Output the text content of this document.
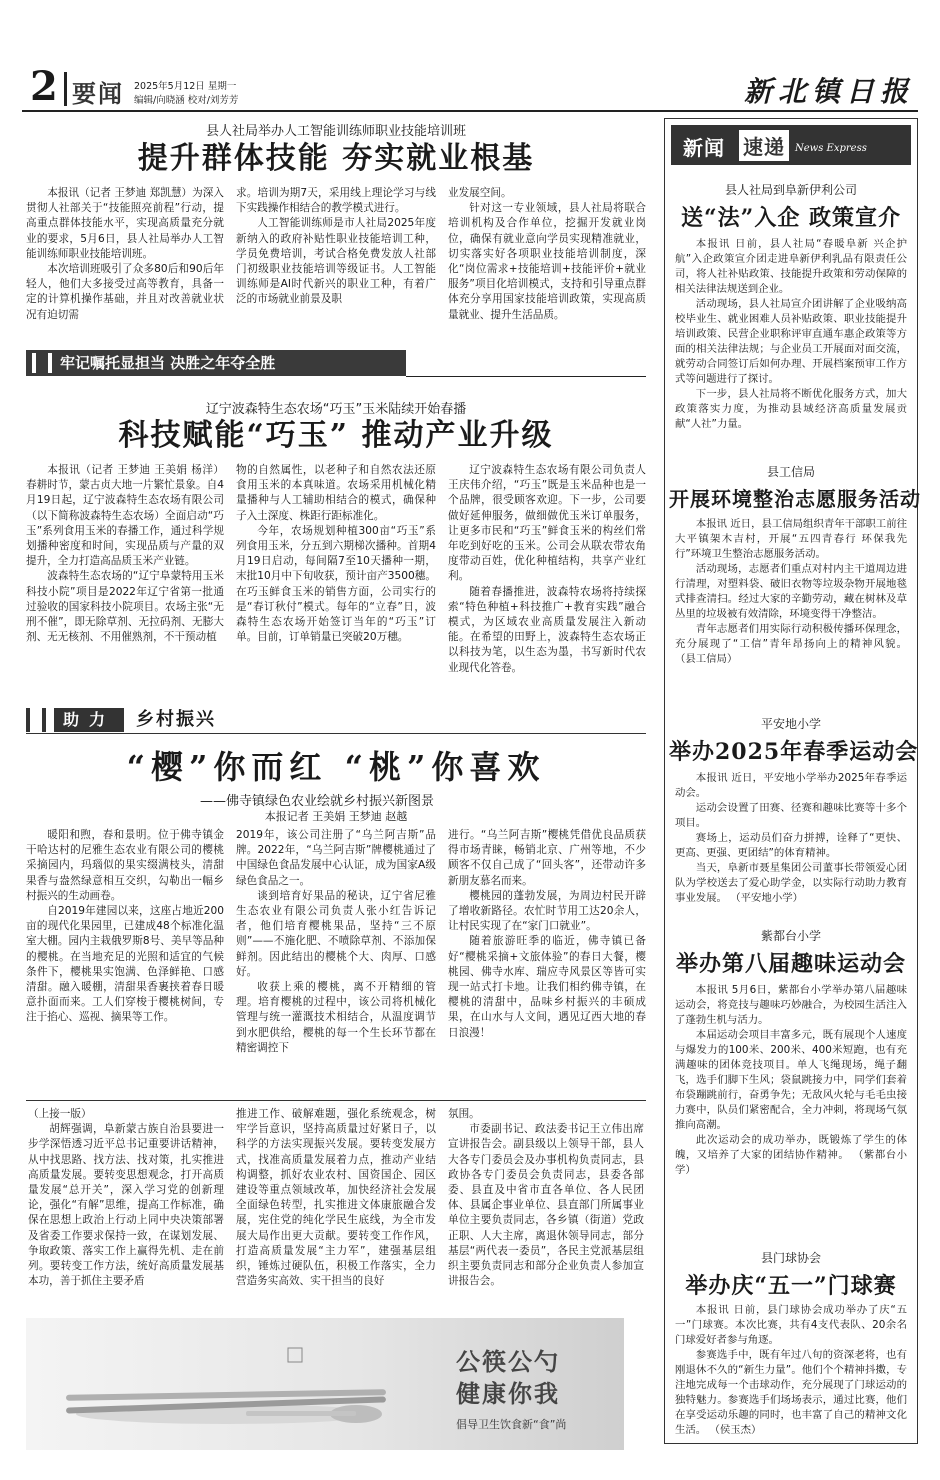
2 要闻 2025年5月12日 星期一
编辑/向晓涵 校对/刘芳芳	新北镇日报
县人社局举办人工智能训练师职业技能培训班
提升群体技能 夯实就业根基

本报讯（记者 王梦迪 郑凯慧）为深入贯彻人社部关于“技能照亮前程”行动，提高重点群体技能水平，实现高质量充分就业的要求，5月6日，县人社局举办人工智能训练师职业技能培训班。

本次培训班吸引了众多80后和90后年轻人，他们大多接受过高等教育，具备一定的计算机操作基础，并且对改善就业状况有迫切需

求。培训为期7天，采用线上理论学习与线下实践操作相结合的教学模式进行。

人工智能训练师是市人社局2025年度新纳入的政府补贴性职业技能培训工种，学员免费培训，考试合格免费发放人社部门初级职业技能培训等级证书。人工智能训练师是AI时代新兴的职业工种，有着广泛的市场就业前景及职

业发展空间。

针对这一专业领域，县人社局将联合培训机构及合作单位，挖掘开发就业岗位，确保有就业意向学员实现精准就业，切实落实好各项职业技能培训制度，深化“岗位需求+技能培训+技能评价+就业服务”项目化培训模式，支持和引导重点群体充分享用国家技能培训政策，实现高质量就业、提升生活品质。

牢记嘱托显担当 决胜之年夺全胜
辽宁波森特生态农场“巧玉”玉米陆续开始春播
科技赋能“巧玉” 推动产业升级

本报讯（记者 王梦迪 王美娟 杨洋）春耕时节，蒙古贞大地一片繁忙景象。自4月19日起，辽宁波森特生态农场有限公司（以下简称波森特生态农场）全面启动“巧玉”系列食用玉米的春播工作，通过科学规划播种密度和时间，实现品质与产量的双提升，全力打造高品质玉米产业链。

波森特生态农场的“辽宁阜蒙特用玉米科技小院”项目是2022年辽宁省第一批通过验收的国家科技小院项目。农场主张“无刑不催”，即无除草剂、无拉码剂、无膨大剂、无无核剂、不用催熟剂，不干预动植

物的自然属性，以老种子和自然农法还原食用玉米的本真味道。农场采用机械化精量播种与人工辅助相结合的模式，确保种子入土深度、株距行距标准化。

今年，农场规划种植300亩“巧玉”系列食用玉米，分五到六期梯次播种。首期4月19日启动，每间隔7至10天播种一期，末批10月中下旬收获，预计亩产3500穗。在巧玉鲜食玉米的销售方面，公司实行的是“春订秋付”模式。每年的“立春”日，波森特生态农场开始签订当年的“巧玉”订单。目前，订单销量已突破20万穗。

辽宁波森特生态农场有限公司负责人王庆伟介绍，“巧玉”既是玉米品种也是一个品牌，很受顾客欢迎。下一步，公司要做好延伸服务，做细做优玉米订单服务，让更多市民和“巧玉”鲜食玉米的构丝们常年吃到好吃的玉米。公司会从联农带农角度带动百姓，优化种植结构，共享产业红利。

随着春播推进，波森特农场将持续探索“特色种植+科技推广+教育实践”融合模式，为区域农业高质量发展注入新动能。在希望的田野上，波森特生态农场正以科技为笔，以生态为墨，书写新时代农业现代化答卷。

助力	乡村振兴
“樱”你而红 “桃”你喜欢
——佛寺镇绿色农业绘就乡村振兴新图景
本报记者 王美娟 王梦迪 赵越

暖阳和煦，春和景明。位于佛寺镇金干哈达村的尼雅生态农业有限公司的樱桃采摘园内，玛瑙似的果实缀满枝头，清甜果香与盎然绿意相互交织，勾勒出一幅乡村振兴的生动画卷。

自2019年建园以来，这座占地近200亩的现代化果园里，已建成48个标准化温室大棚。园内主栽俄罗斯8号、美早等品种的樱桃。在当地充足的光照和适宜的气候条件下，樱桃果实饱满、色泽鲜艳、口感清甜。融入暖棚，清甜果香裹挟着春日暖意扑面而来。工人们穿梭于樱桃树间，专注于掐心、巡视、摘果等工作。

2019年，该公司注册了“乌兰阿吉斯”品牌。2022年，“乌兰阿吉斯”牌樱桃通过了中国绿色食品发展中心认证，成为国家A级绿色食品之一。

谈到培育好果品的秘诀，辽宁省尼雅生态农业有限公司负责人张小红告诉记者，他们培育樱桃果品，坚持“三不原则”——不施化肥、不喷除草剂、不添加保鲜剂。因此结出的樱桃个大、肉厚、口感好。

收获上乘的樱桃，离不开精细的管理。培育樱桃的过程中，该公司将机械化管理与统一灌溉技术相结合，从温度调节到水肥供给，樱桃的每一个生长环节都在精密调控下

进行。“乌兰阿吉斯”樱桃凭借优良品质获得市场青睐，畅销北京、广州等地，不少顾客不仅自己成了“回头客”，还带动许多新朋友慕名而来。

樱桃园的蓬勃发展，为周边村民开辟了增收新路径。农忙时节用工达20余人，让村民实现了在“家门口就业”。

随着旅游旺季的临近，佛寺镇已备好“樱桃采摘+文旅体验”的春日大餐，樱桃园、佛寺水库、瑞应寺风景区等皆可实现一站式打卡地。让我们相约佛寺镇，在樱桃的清甜中，品味乡村振兴的丰硕成果，在山水与人文间，遇见辽西大地的春日浪漫！

（上接一版）

胡辉强调，阜新蒙古族自治县要进一步学深悟透习近平总书记重要讲话精神，从中找思路、找方法、找对策，扎实推进高质量发展。要转变思想观念，打开高质量发展“总开关”，深入学习党的创新理论，强化“有解”思维，提高工作标准，确保在思想上政治上行动上同中央决策部署及省委工作要求保持一致，在谋划发展、争取政策、落实工作上赢得先机、走在前列。要转变工作方法，统好高质量发展基本功，善于抓住主要矛盾

推进工作、破解难题，强化系统观念，树牢学旨意识，坚持高质量过好紧日子，以科学的方法实现振兴发展。要转变发展方式，找准高质量发展着力点，推动产业结构调整，抓好农业农村、国资国企、园区建设等重点领域改革，加快经济社会发展全面绿色转型，扎实推进文体康旅融合发展，宪住党的纯化学民生底线，为全市发展大局作出更大贡献。要转变工作作风，打造高质量发展“主力军”，建强基层组织，锤炼过硬队伍，积极工作落实，全力营造务实高效、实干担当的良好

氛围。

市委副书记、政法委书记王立伟出席宣讲报告会。副县级以上领导干部，县人大各专门委员会及办事机构负责同志，县政协各专门委员会负责同志，县委各部委、县直及中省市直各单位、各人民团体、县属企事业单位、县直部门所属事业单位主要负责同志，各乡镇（街道）党政正职、人大主席，离退休领导同志，部分基层“两代表一委员”，各民主党派基层组织主要负责同志和部分企业负责人参加宣讲报告会。

公筷公勺
健康你我
倡导卫生饮食新“食”尚
新闻 速递	News Express
县人社局到阜新伊利公司
送“法”入企 政策宣介

本报讯 日前，县人社局“春暖阜新 兴企护航”入企政策宣介团走进阜新伊利乳品有限责任公司，将人社补贴政策、技能提升政策和劳动保障的相关法律法规送到企业。

活动现场，县人社局宣介团讲解了企业吸纳高校毕业生、就业困难人员补贴政策、职业技能提升培训政策、民营企业职称评审直通车惠企政策等方面的相关法律法规；与企业员工开展面对面交流，就劳动合同签订后如何办理、开展档案预审工作方式等问题进行了探讨。

下一步，县人社局将不断优化服务方式，加大政策落实力度，为推动县域经济高质量发展贡献“人社”力量。

县工信局
开展环境整治志愿服务活动

本报讯 近日，县工信局组织青年干部职工前往大平镇架木吉村，开展“五四青春行 环保我先行”环境卫生整治志愿服务活动。

活动现场，志愿者们重点对村内主干道周边进行清理，对塑料袋、破旧衣物等垃圾杂物开展地毯式排查清扫。经过大家的辛勤劳动，藏在树林及草丛里的垃圾被有效清除，环境变得干净整洁。

青年志愿者们用实际行动积极传播环保理念，充分展现了“工信”青年昂扬向上的精神风貌。 （县工信局）

平安地小学
举办2025年春季运动会

本报讯 近日，平安地小学举办2025年春季运动会。

运动会设置了田赛、径赛和趣味比赛等十多个项目。

赛场上，运动员们奋力拼搏，诠释了“更快、更高、更强、更团结”的体育精神。

当天，阜新市聂星集团公司董事长带领爱心团队为学校送去了爱心助学金，以实际行动助力教育事业发展。 （平安地小学）

紫都台小学
举办第八届趣味运动会

本报讯 5月6日，紫都台小学举办第八届趣味运动会，将竞技与趣味巧妙融合，为校园生活注入了蓬勃生机与活力。

本届运动会项目丰富多元，既有展现个人速度与爆发力的100米、200米、400米短跑，也有充满趣味的团体竞技项目。单人飞绳现场，绳子翻飞，选手们脚下生风；袋鼠跳接力中，同学们套着布袋蹦跳前行，奋勇争先；无敌风火轮与毛毛虫接力赛中，队员们紧密配合，全力冲刺，将现场气氛推向高潮。

此次运动会的成功举办，既锻炼了学生的体魄，又培养了大家的团结协作精神。 （紫都台小学）

县门球协会
举办庆“五一”门球赛

本报讯 日前，县门球协会成功举办了庆“五一”门球赛。本次比赛，共有4支代表队、20余名门球爱好者参与角逐。

参赛选手中，既有年过八旬的资深老将，也有刚退休不久的“新生力量”。他们个个精神抖擞，专注地完成每一个击球动作，充分展现了门球运动的独特魅力。参赛选手们场场表示，通过比赛，他们在享受运动乐趣的同时，也丰富了自己的精神文化生活。 （侯玉杰）
